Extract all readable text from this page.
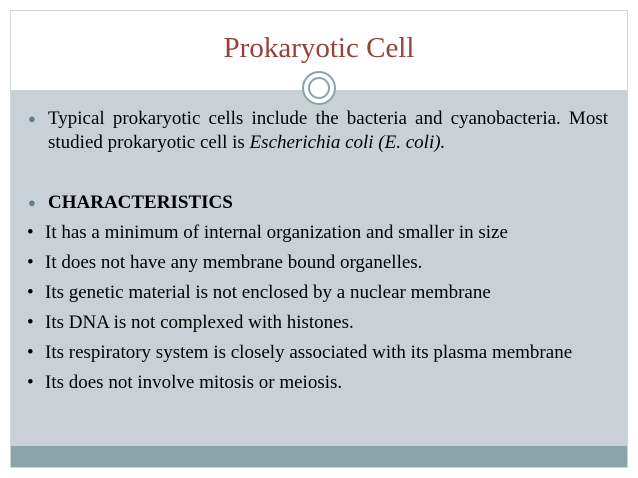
Prokaryotic Cell
● Typical prokaryotic cells include the bacteria and cyanobacteria. Most studied prokaryotic cell is Escherichia coli (E. coli).
● CHARACTERISTICS
• It has a minimum of internal organization and smaller in size
• It does not have any membrane bound organelles.
• Its genetic material is not enclosed by a nuclear membrane
• Its DNA is not complexed with histones.
• Its respiratory system is closely associated with its plasma membrane
• Its does not involve mitosis or meiosis.
